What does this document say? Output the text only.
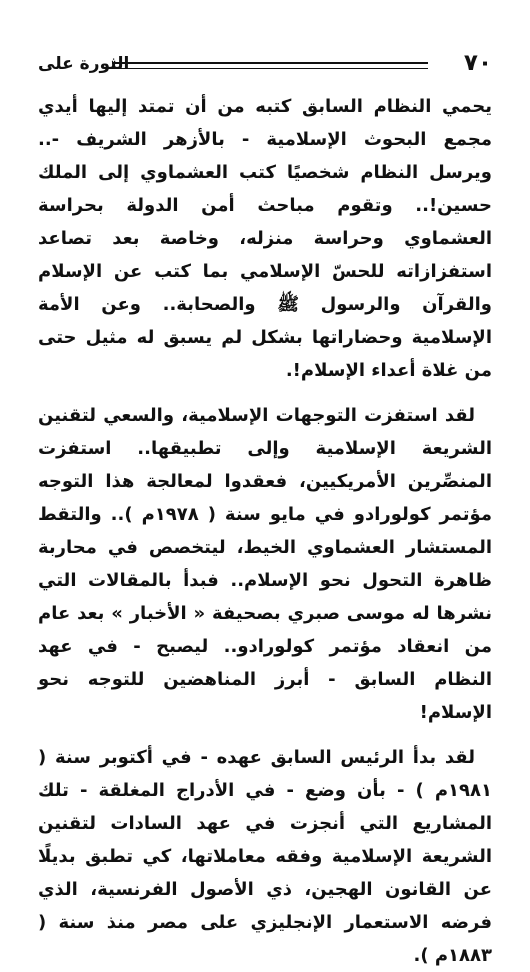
الثورة على	٧٠

يحمي النظام السابق كتبه من أن تمتد إليها أيدي مجمع البحوث الإسلامية - بالأزهر الشريف -.. ويرسل النظام شخصيًا كتب العشماوي إلى الملك حسين!.. وتقوم مباحث أمن الدولة بحراسة العشماوي وحراسة منزله، وخاصة بعد تصاعد استفزازاته للحسّ الإسلامي بما كتب عن الإسلام والقرآن والرسول ﷺ والصحابة.. وعن الأمة الإسلامية وحضاراتها بشكل لم يسبق له مثيل حتى من غلاة أعداء الإسلام!.

لقد استفزت التوجهات الإسلامية، والسعي لتقنين الشريعة الإسلامية وإلى تطبيقها.. استفزت المنصِّرين الأمريكيين، فعقدوا لمعالجة هذا التوجه مؤتمر كولورادو في مايو سنة ( ١٩٧٨م ).. والتقط المستشار العشماوي الخيط، ليتخصص في محاربة ظاهرة التحول نحو الإسلام.. فبدأ بالمقالات التي نشرها له موسى صبري بصحيفة « الأخبار » بعد عام من انعقاد مؤتمر كولورادو.. ليصبح - في عهد النظام السابق - أبرز المناهضين للتوجه نحو الإسلام!

لقد بدأ الرئيس السابق عهده - في أكتوبر سنة ( ١٩٨١م ) - بأن وضع - في الأدراج المغلقة - تلك المشاريع التي أنجزت في عهد السادات لتقنين الشريعة الإسلامية وفقه معاملاتها، كي تطبق بديلًا عن القانون الهجين، ذي الأصول الفرنسية، الذي فرضه الاستعمار الإنجليزي على مصر منذ سنة ( ١٨٨٣م ).
